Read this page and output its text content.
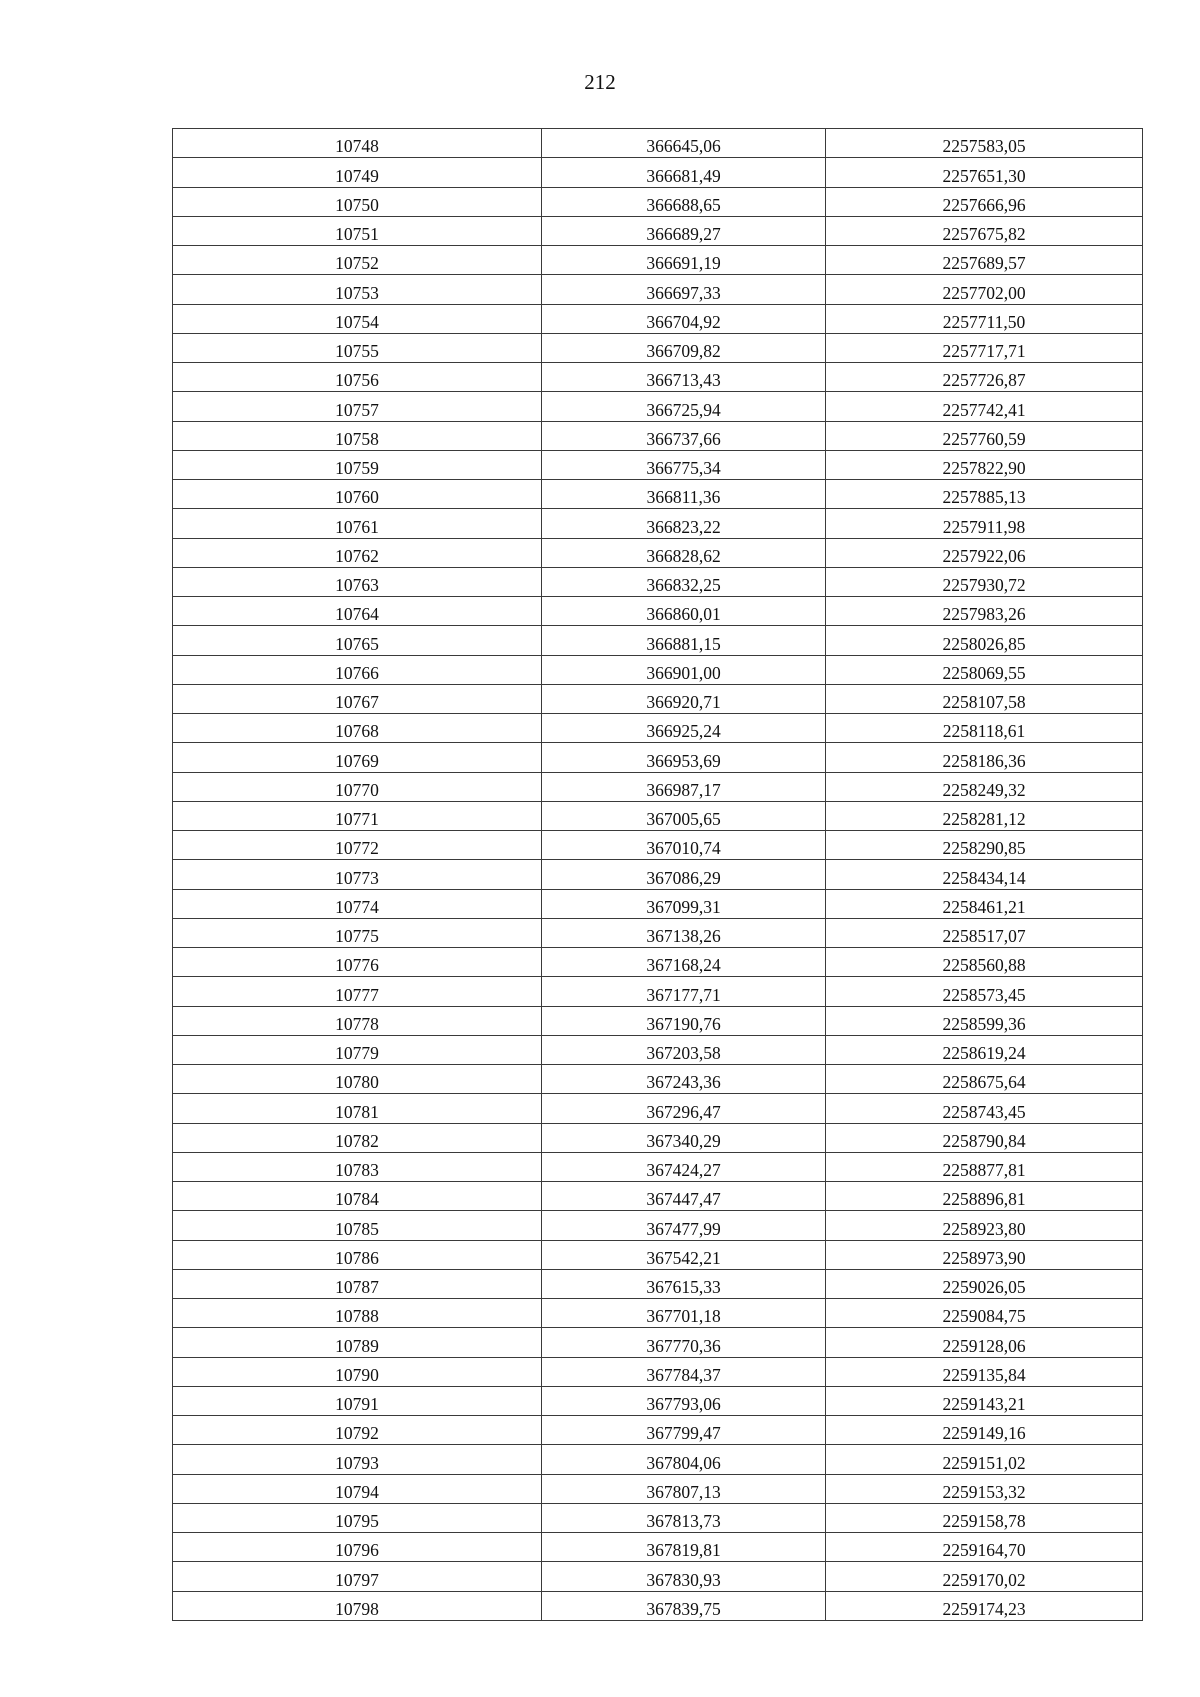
212
10748	366645,06	2257583,05
10749	366681,49	2257651,30
10750	366688,65	2257666,96
10751	366689,27	2257675,82
10752	366691,19	2257689,57
10753	366697,33	2257702,00
10754	366704,92	2257711,50
10755	366709,82	2257717,71
10756	366713,43	2257726,87
10757	366725,94	2257742,41
10758	366737,66	2257760,59
10759	366775,34	2257822,90
10760	366811,36	2257885,13
10761	366823,22	2257911,98
10762	366828,62	2257922,06
10763	366832,25	2257930,72
10764	366860,01	2257983,26
10765	366881,15	2258026,85
10766	366901,00	2258069,55
10767	366920,71	2258107,58
10768	366925,24	2258118,61
10769	366953,69	2258186,36
10770	366987,17	2258249,32
10771	367005,65	2258281,12
10772	367010,74	2258290,85
10773	367086,29	2258434,14
10774	367099,31	2258461,21
10775	367138,26	2258517,07
10776	367168,24	2258560,88
10777	367177,71	2258573,45
10778	367190,76	2258599,36
10779	367203,58	2258619,24
10780	367243,36	2258675,64
10781	367296,47	2258743,45
10782	367340,29	2258790,84
10783	367424,27	2258877,81
10784	367447,47	2258896,81
10785	367477,99	2258923,80
10786	367542,21	2258973,90
10787	367615,33	2259026,05
10788	367701,18	2259084,75
10789	367770,36	2259128,06
10790	367784,37	2259135,84
10791	367793,06	2259143,21
10792	367799,47	2259149,16
10793	367804,06	2259151,02
10794	367807,13	2259153,32
10795	367813,73	2259158,78
10796	367819,81	2259164,70
10797	367830,93	2259170,02
10798	367839,75	2259174,23
